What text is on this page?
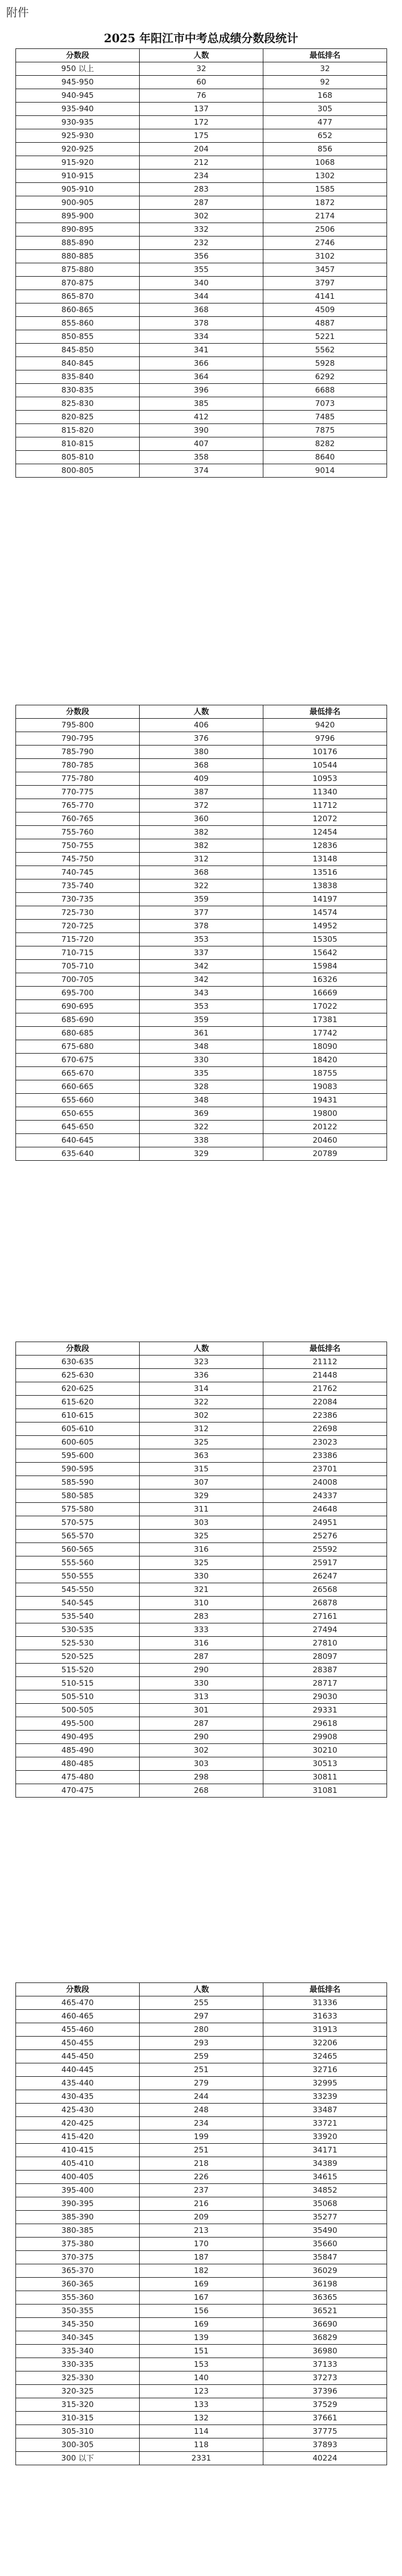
附件
2025 年阳江市中考总成绩分数段统计
分数段	人数	最低排名
950 以上	32	32
945-950	60	92
940-945	76	168
935-940	137	305
930-935	172	477
925-930	175	652
920-925	204	856
915-920	212	1068
910-915	234	1302
905-910	283	1585
900-905	287	1872
895-900	302	2174
890-895	332	2506
885-890	232	2746
880-885	356	3102
875-880	355	3457
870-875	340	3797
865-870	344	4141
860-865	368	4509
855-860	378	4887
850-855	334	5221
845-850	341	5562
840-845	366	5928
835-840	364	6292
830-835	396	6688
825-830	385	7073
820-825	412	7485
815-820	390	7875
810-815	407	8282
805-810	358	8640
800-805	374	9014
分数段	人数	最低排名
795-800	406	9420
790-795	376	9796
785-790	380	10176
780-785	368	10544
775-780	409	10953
770-775	387	11340
765-770	372	11712
760-765	360	12072
755-760	382	12454
750-755	382	12836
745-750	312	13148
740-745	368	13516
735-740	322	13838
730-735	359	14197
725-730	377	14574
720-725	378	14952
715-720	353	15305
710-715	337	15642
705-710	342	15984
700-705	342	16326
695-700	343	16669
690-695	353	17022
685-690	359	17381
680-685	361	17742
675-680	348	18090
670-675	330	18420
665-670	335	18755
660-665	328	19083
655-660	348	19431
650-655	369	19800
645-650	322	20122
640-645	338	20460
635-640	329	20789
分数段	人数	最低排名
630-635	323	21112
625-630	336	21448
620-625	314	21762
615-620	322	22084
610-615	302	22386
605-610	312	22698
600-605	325	23023
595-600	363	23386
590-595	315	23701
585-590	307	24008
580-585	329	24337
575-580	311	24648
570-575	303	24951
565-570	325	25276
560-565	316	25592
555-560	325	25917
550-555	330	26247
545-550	321	26568
540-545	310	26878
535-540	283	27161
530-535	333	27494
525-530	316	27810
520-525	287	28097
515-520	290	28387
510-515	330	28717
505-510	313	29030
500-505	301	29331
495-500	287	29618
490-495	290	29908
485-490	302	30210
480-485	303	30513
475-480	298	30811
470-475	268	31081
分数段	人数	最低排名
465-470	255	31336
460-465	297	31633
455-460	280	31913
450-455	293	32206
445-450	259	32465
440-445	251	32716
435-440	279	32995
430-435	244	33239
425-430	248	33487
420-425	234	33721
415-420	199	33920
410-415	251	34171
405-410	218	34389
400-405	226	34615
395-400	237	34852
390-395	216	35068
385-390	209	35277
380-385	213	35490
375-380	170	35660
370-375	187	35847
365-370	182	36029
360-365	169	36198
355-360	167	36365
350-355	156	36521
345-350	169	36690
340-345	139	36829
335-340	151	36980
330-335	153	37133
325-330	140	37273
320-325	123	37396
315-320	133	37529
310-315	132	37661
305-310	114	37775
300-305	118	37893
300 以下	2331	40224
